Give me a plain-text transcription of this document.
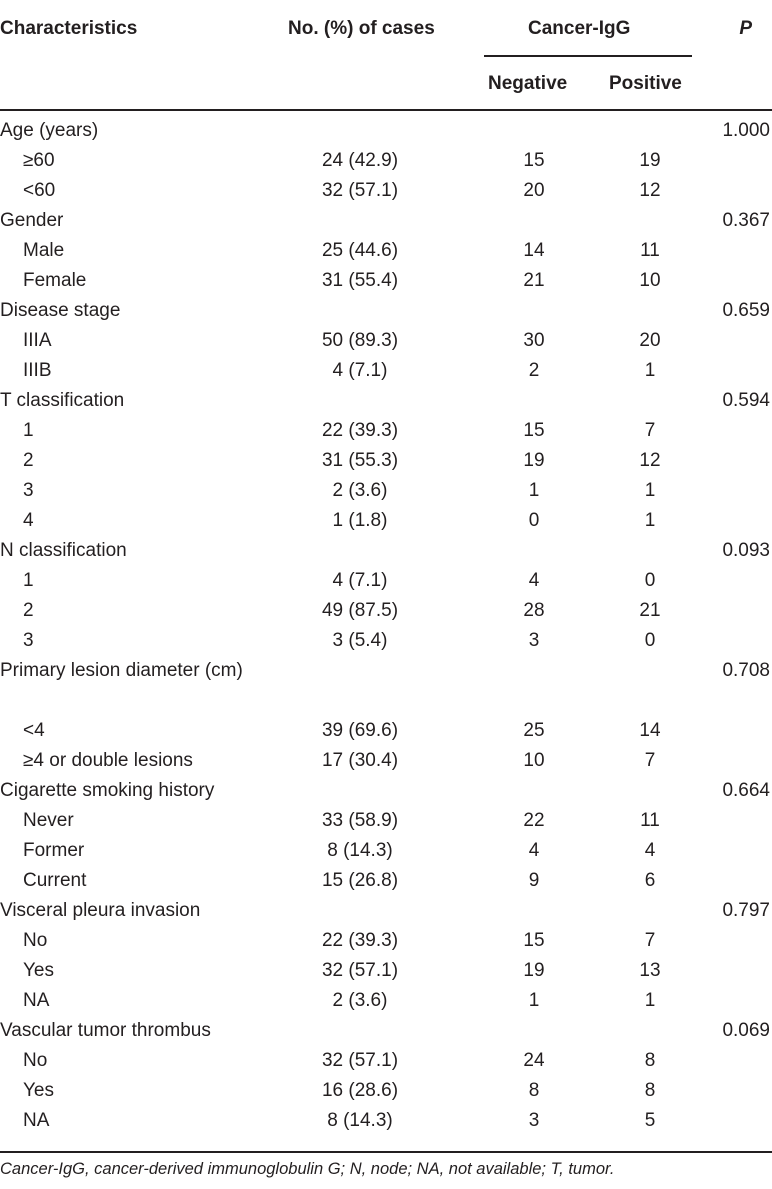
Characteristics	No. (%) of cases	Cancer-IgG
Negative Positive
P
Age (years)	1.000
≥60	24 (42.9)	15	19
<60	32 (57.1)	20	12
Gender	0.367
Male	25 (44.6)	14	11
Female	31 (55.4)	21	10
Disease stage	0.659
IIIA	50 (89.3)	30	20
IIIB	4 (7.1)	2	1
T classification	0.594
1	22 (39.3)	15	7
2	31 (55.3)	19	12
3	2 (3.6)	1	1
4	1 (1.8)	0	1
N classification	0.093
1	4 (7.1)	4	0
2	49 (87.5)	28	21
3	3 (5.4)	3	0
Primary lesion diameter (cm)	0.708
<4	39 (69.6)	25	14
≥4 or double lesions	17 (30.4)	10	7
Cigarette smoking history	0.664
Never	33 (58.9)	22	11
Former	8 (14.3)	4	4
Current	15 (26.8)	9	6
Visceral pleura invasion	0.797
No	22 (39.3)	15	7
Yes	32 (57.1)	19	13
NA	2 (3.6)	1	1
Vascular tumor thrombus	0.069
No	32 (57.1)	24	8
Yes	16 (28.6)	8	8
NA	8 (14.3)	3	5
Cancer-IgG, cancer-derived immunoglobulin G; N, node; NA, not available; T, tumor.
